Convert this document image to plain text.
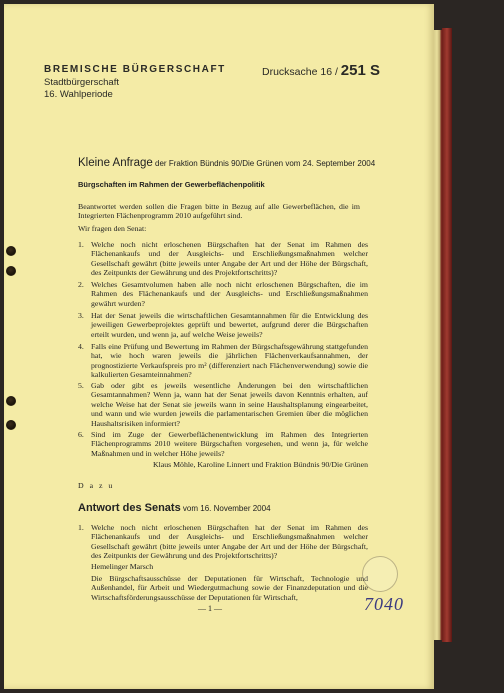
BREMISCHE BÜRGERSCHAFT
Stadtbürgerschaft
16. Wahlperiode
Drucksache 16 / 251 S
Kleine Anfrage der Fraktion Bündnis 90/Die Grünen vom 24. September 2004
Bürgschaften im Rahmen der Gewerbeflächenpolitik
Beantwortet werden sollen die Fragen bitte in Bezug auf alle Gewerbeflächen, die im Integrierten Flächenprogramm 2010 aufgeführt sind.
Wir fragen den Senat:
1. Welche noch nicht erloschenen Bürgschaften hat der Senat im Rahmen des Flächenankaufs und der Ausgleichs- und Erschließungsmaßnahmen welcher Gesellschaft gewährt (bitte jeweils unter Angabe der Art und der Höhe der Bürgschaft, des Zeitpunkts der Gewährung und des Projektfortschritts)?
2. Welches Gesamtvolumen haben alle noch nicht erloschenen Bürgschaften, die im Rahmen des Flächenankaufs und der Ausgleichs- und Erschließungsmaßnahmen gewährt wurden?
3. Hat der Senat jeweils die wirtschaftlichen Gesamtannahmen für die Entwicklung des jeweiligen Gewerbeprojektes geprüft und bewertet, aufgrund derer die Bürgschaften erteilt wurden, und wenn ja, auf welche Weise jeweils?
4. Falls eine Prüfung und Bewertung im Rahmen der Bürgschaftsgewährung stattgefunden hat, wie hoch waren jeweils die jährlichen Flächenverkaufsannahmen, der prognostizierte Verkaufspreis pro m² (differenziert nach Flächenverwendung) sowie die kalkulierten Gesamteinnahmen?
5. Gab oder gibt es jeweils wesentliche Änderungen bei den wirtschaftlichen Gesamtannahmen? Wenn ja, wann hat der Senat jeweils davon Kenntnis erhalten, auf welche Weise hat der Senat sie jeweils wann in seine Haushaltsplanung eingearbeitet, und wann und wie wurden jeweils die parlamentarischen Gremien über die möglichen Haushaltsrisiken informiert?
6. Sind im Zuge der Gewerbeflächenentwicklung im Rahmen des Integrierten Flächenprogramms 2010 weitere Bürgschaften vorgesehen, und wenn ja, für welche Maßnahmen und in welcher Höhe jeweils?
Klaus Möhle, Karoline Linnert und Fraktion Bündnis 90/Die Grünen
D a z u
Antwort des Senats vom 16. November 2004
1. Welche noch nicht erloschenen Bürgschaften hat der Senat im Rahmen des Flächenankaufs und der Ausgleichs- und Erschließungsmaßnahmen welcher Gesellschaft gewährt (bitte jeweils unter Angabe der Art und der Höhe der Bürgschaft, des Zeitpunkts der Gewährung und des Projektfortschritts)?
Hemelinger Marsch
Die Bürgschaftsausschüsse der Deputationen für Wirtschaft, Technologie und Außenhandel, für Arbeit und Wiedergutmachung sowie der Finanzdeputation und die Wirtschaftsförderungsausschüsse der Deputationen für Wirtschaft,
— 1 —	7040
